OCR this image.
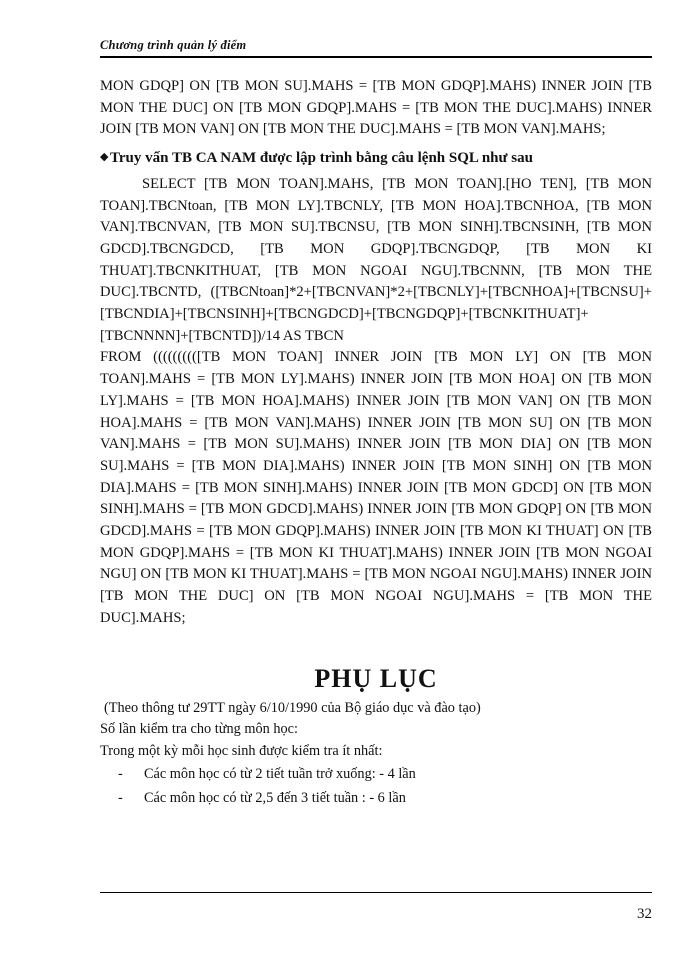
Chương trình quản lý điểm

MON GDQP] ON [TB MON SU].MAHS = [TB MON GDQP].MAHS) INNER JOIN [TB MON THE DUC] ON [TB MON GDQP].MAHS = [TB MON THE DUC].MAHS) INNER JOIN [TB MON VAN] ON [TB MON THE DUC].MAHS = [TB MON VAN].MAHS;

◆ Truy vấn TB CA NAM được lập trình bằng câu lệnh SQL như sau

SELECT [TB MON TOAN].MAHS, [TB MON TOAN].[HO TEN], [TB MON TOAN].TBCNtoan, [TB MON LY].TBCNLY, [TB MON HOA].TBCNHOA, [TB MON VAN].TBCNVAN, [TB MON SU].TBCNSU, [TB MON SINH].TBCNSINH, [TB MON GDCD].TBCNGDCD, [TB MON GDQP].TBCNGDQP, [TB MON KI THUAT].TBCNKITHUAT, [TB MON NGOAI NGU].TBCNNN, [TB MON THE DUC].TBCNTD, ([TBCNtoan]*2+[TBCNVAN]*2+[TBCNLY]+[TBCNHOA]+[TBCNSU]+[TBCNDIA]+[TBCNSINH]+[TBCNGDCD]+[TBCNGDQP]+[TBCNKITHUAT]+[TBCNNNN]+[TBCNTD])/14 AS TBCN

FROM ((((((((([TB MON TOAN] INNER JOIN [TB MON LY] ON [TB MON TOAN].MAHS = [TB MON LY].MAHS) INNER JOIN [TB MON HOA] ON [TB MON LY].MAHS = [TB MON HOA].MAHS) INNER JOIN [TB MON VAN] ON [TB MON HOA].MAHS = [TB MON VAN].MAHS) INNER JOIN [TB MON SU] ON [TB MON VAN].MAHS = [TB MON SU].MAHS) INNER JOIN [TB MON DIA] ON [TB MON SU].MAHS = [TB MON DIA].MAHS) INNER JOIN [TB MON SINH] ON [TB MON DIA].MAHS = [TB MON SINH].MAHS) INNER JOIN [TB MON GDCD] ON [TB MON SINH].MAHS = [TB MON GDCD].MAHS) INNER JOIN [TB MON GDQP] ON [TB MON GDCD].MAHS = [TB MON GDQP].MAHS) INNER JOIN [TB MON KI THUAT] ON [TB MON GDQP].MAHS = [TB MON KI THUAT].MAHS) INNER JOIN [TB MON NGOAI NGU] ON [TB MON KI THUAT].MAHS = [TB MON NGOAI NGU].MAHS) INNER JOIN [TB MON THE DUC] ON [TB MON NGOAI NGU].MAHS = [TB MON THE DUC].MAHS;

PHỤ LỤC

(Theo thông tư 29TT ngày 6/10/1990 của Bộ giáo dục và đào tạo)

Số lần kiểm tra cho từng môn học:

Trong một kỳ mỗi học sinh được kiểm tra ít nhất:

- Các môn học có từ 2 tiết tuần trở xuống: - 4 lần
- Các môn học có từ 2,5 đến 3 tiết tuần : - 6 lần
32
